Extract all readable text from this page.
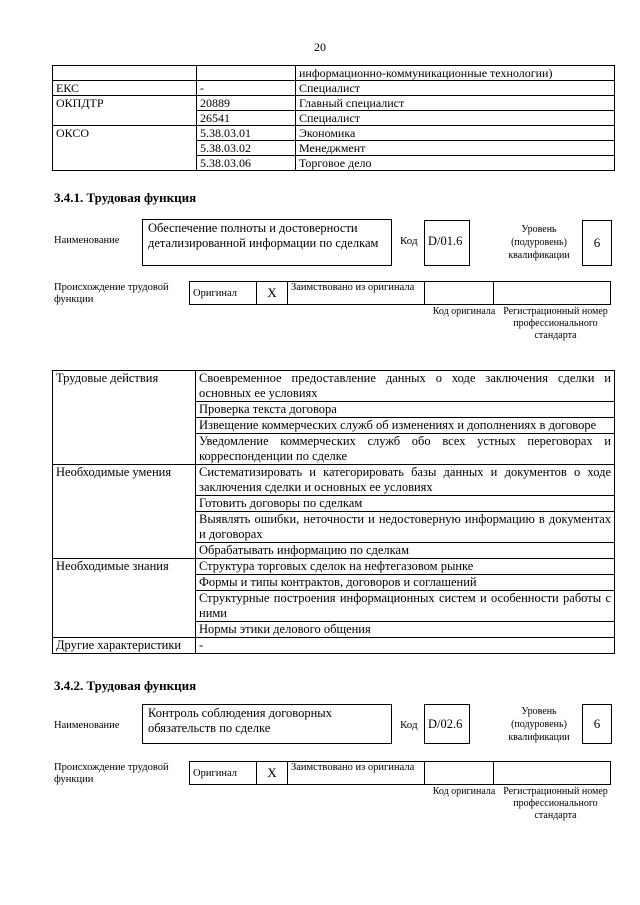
20
		информационно-коммуникационные технологии)
ЕКС	-	Специалист
ОКПДТР	20889	Главный специалист
	26541	Специалист
ОКСО	5.38.03.01	Экономика
	5.38.03.02	Менеджмент
	5.38.03.06	Торговое дело
3.4.1. Трудовая функция
Наименование
Обеспечение полноты и достоверности детализированной информации по сделкам	Код D/01.6
Уровень (подуровень) квалификации
6
Происхождение трудовой функции
Оригинал	X	Заимствовано из оригинала		
Код оригинала Регистрационный номер профессионального стандарта
Трудовые действия	Своевременное предоставление данных о ходе заключения сделки и основных ее условиях
	Проверка текста договора
	Извещение коммерческих служб об изменениях и дополнениях в договоре
	Уведомление коммерческих служб обо всех устных переговорах и корреспонденции по сделке
Необходимые умения	Систематизировать и категорировать базы данных и документов о ходе заключения сделки и основных ее условиях
	Готовить договоры по сделкам
	Выявлять ошибки, неточности и недостоверную информацию в документах и договорах
	Обрабатывать информацию по сделкам
Необходимые знания	Структура торговых сделок на нефтегазовом рынке
	Формы и типы контрактов, договоров и соглашений
	Структурные построения информационных систем и особенности работы с ними
	Нормы этики делового общения
Другие характеристики	-
3.4.2. Трудовая функция
Наименование
Контроль соблюдения договорных обязательств по сделке	Код D/02.6
Уровень (подуровень) квалификации
6
Происхождение трудовой функции
Оригинал	X	Заимствовано из оригинала		
Код оригинала Регистрационный номер профессионального стандарта
